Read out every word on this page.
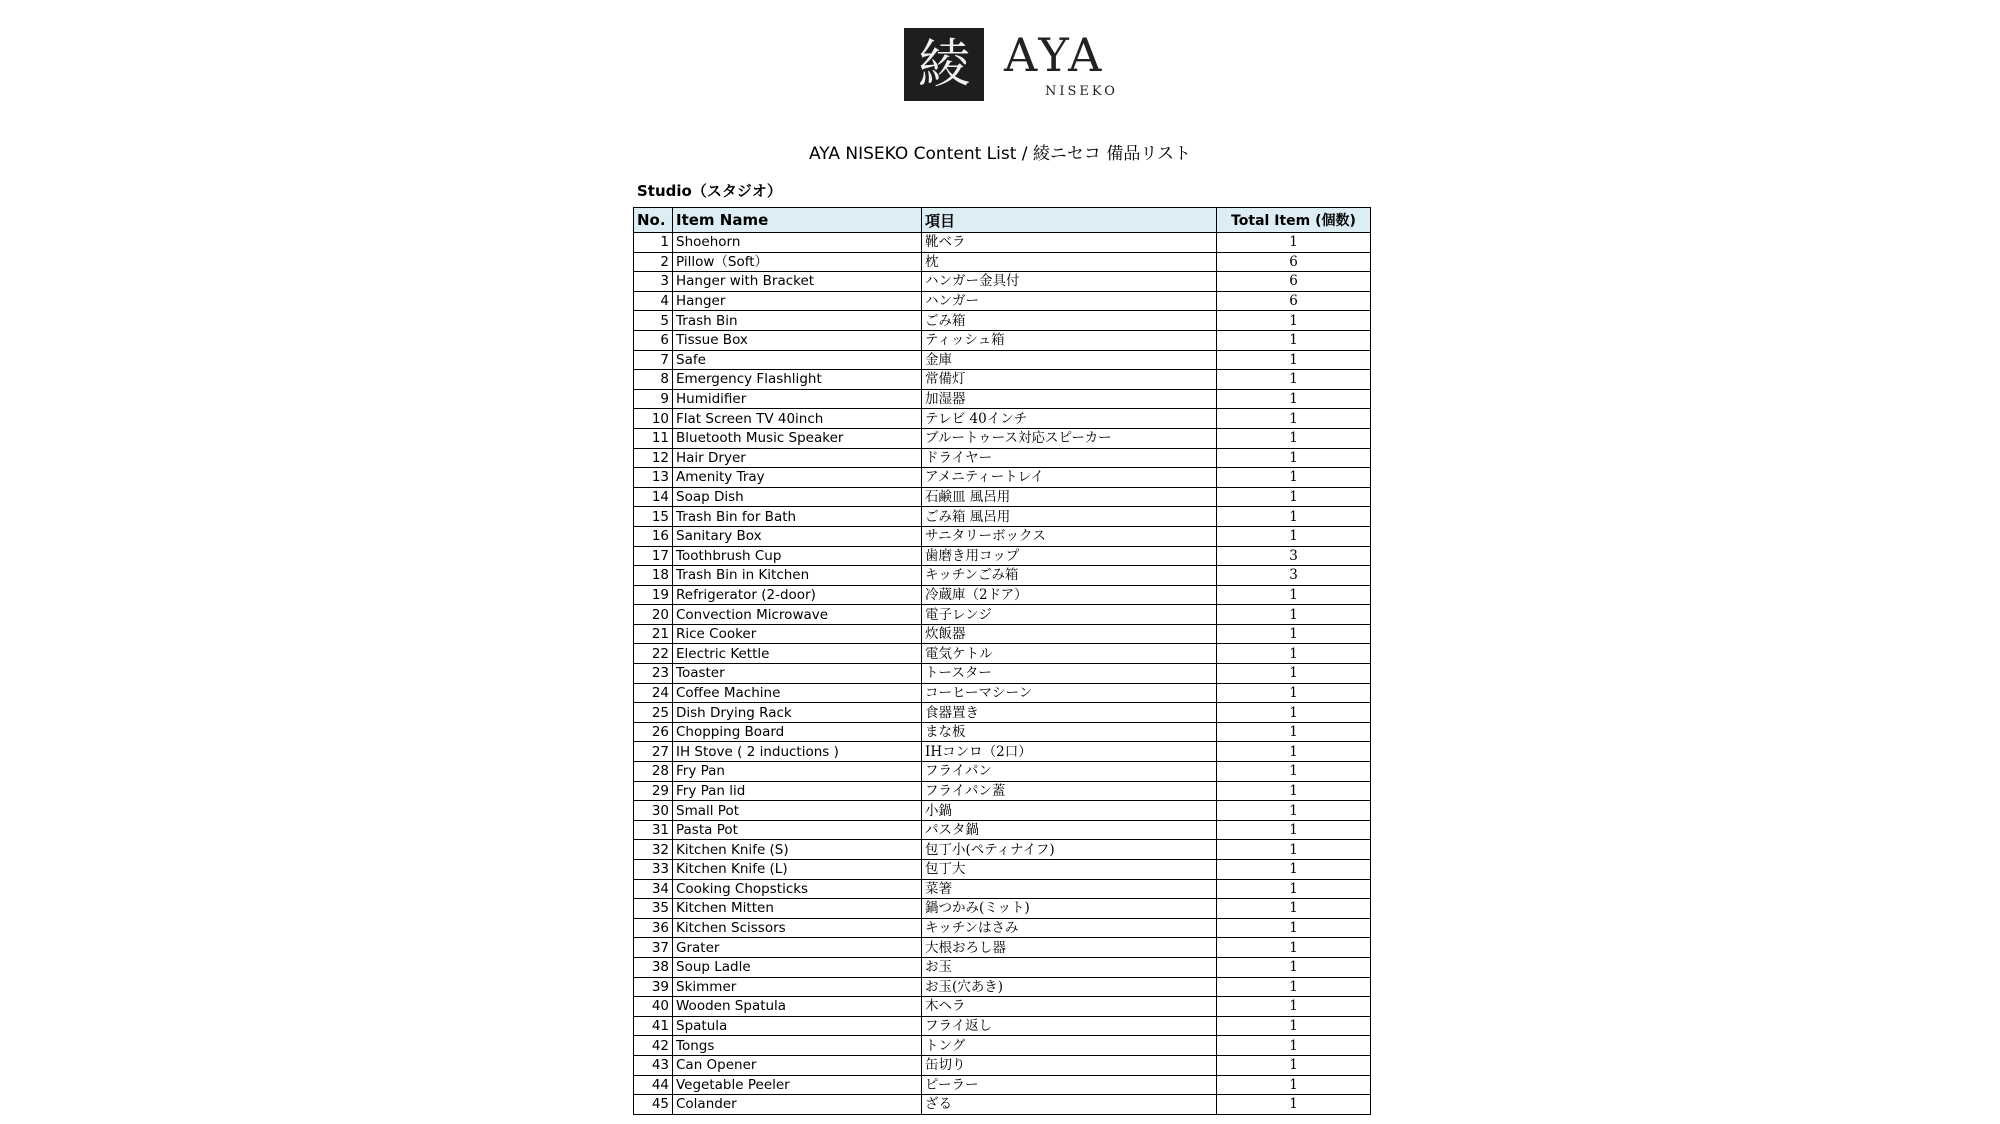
綾 AYA
NISEKO
AYA NISEKO Content List / 綾ニセコ 備品リスト
Studio（スタジオ）
No.	Item Name	項目	Total Item (個数)
1	Shoehorn	靴ベラ	1
2	Pillow（Soft）	枕	6
3	Hanger with Bracket	ハンガー金具付	6
4	Hanger	ハンガー	6
5	Trash Bin	ごみ箱	1
6	Tissue Box	ティッシュ箱	1
7	Safe	金庫	1
8	Emergency Flashlight	常備灯	1
9	Humidifier	加湿器	1
10	Flat Screen TV 40inch	テレビ 40インチ	1
11	Bluetooth Music Speaker	ブルートゥース対応スピーカー	1
12	Hair Dryer	ドライヤー	1
13	Amenity Tray	アメニティートレイ	1
14	Soap Dish	石鹸皿 風呂用	1
15	Trash Bin for Bath	ごみ箱 風呂用	1
16	Sanitary Box	サニタリーボックス	1
17	Toothbrush Cup	歯磨き用コップ	3
18	Trash Bin in Kitchen	キッチンごみ箱	3
19	Refrigerator (2-door)	冷蔵庫（2ドア）	1
20	Convection Microwave	電子レンジ	1
21	Rice Cooker	炊飯器	1
22	Electric Kettle	電気ケトル	1
23	Toaster	トースター	1
24	Coffee Machine	コーヒーマシーン	1
25	Dish Drying Rack	食器置き	1
26	Chopping Board	まな板	1
27	IH Stove ( 2 inductions )	IHコンロ（2口）	1
28	Fry Pan	フライパン	1
29	Fry Pan lid	フライパン蓋	1
30	Small Pot	小鍋	1
31	Pasta Pot	パスタ鍋	1
32	Kitchen Knife (S)	包丁小(ペティナイフ)	1
33	Kitchen Knife (L)	包丁大	1
34	Cooking Chopsticks	菜箸	1
35	Kitchen Mitten	鍋つかみ(ミット)	1
36	Kitchen Scissors	キッチンはさみ	1
37	Grater	大根おろし器	1
38	Soup Ladle	お玉	1
39	Skimmer	お玉(穴あき)	1
40	Wooden Spatula	木ヘラ	1
41	Spatula	フライ返し	1
42	Tongs	トング	1
43	Can Opener	缶切り	1
44	Vegetable Peeler	ピーラー	1
45	Colander	ざる	1
